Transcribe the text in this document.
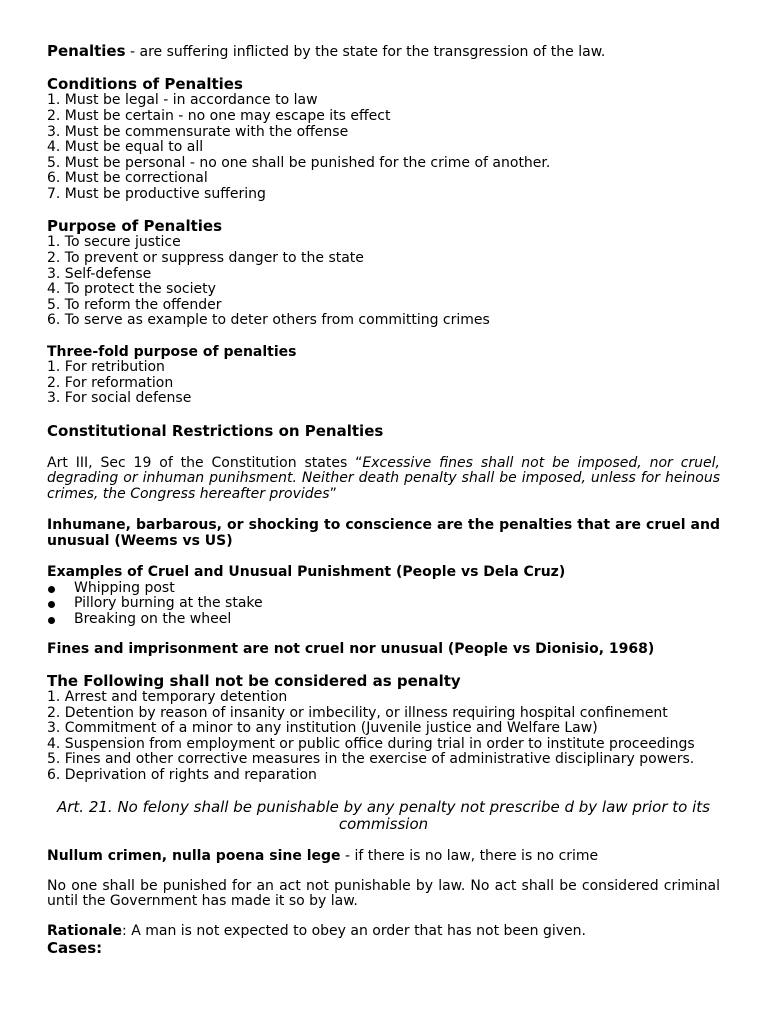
Penalties - are suffering inflicted by the state for the transgression of the law.
Conditions of Penalties
1. Must be legal - in accordance to law
2. Must be certain - no one may escape its effect
3. Must be commensurate with the offense
4. Must be equal to all
5. Must be personal - no one shall be punished for the crime of another.
6. Must be correctional
7. Must be productive suffering
Purpose of Penalties
1. To secure justice
2. To prevent or suppress danger to the state
3. Self-defense
4. To protect the society
5. To reform the offender
6. To serve as example to deter others from committing crimes
Three-fold purpose of penalties
1. For retribution
2. For reformation
3. For social defense
Constitutional Restrictions on Penalties
Art III, Sec 19 of the Constitution states “Excessive fines shall not be imposed, nor cruel, degrading or inhuman punihsment. Neither death penalty shall be imposed, unless for heinous crimes, the Congress hereafter provides”
Inhumane, barbarous, or shocking to conscience are the penalties that are cruel and unusual (Weems vs US)
Examples of Cruel and Unusual Punishment (People vs Dela Cruz)
Whipping post
Pillory burning at the stake
Breaking on the wheel
Fines and imprisonment are not cruel nor unusual (People vs Dionisio, 1968)
The Following shall not be considered as penalty
1. Arrest and temporary detention
2. Detention by reason of insanity or imbecility, or illness requiring hospital confinement
3. Commitment of a minor to any institution (Juvenile justice and Welfare Law)
4. Suspension from employment or public office during trial in order to institute proceedings
5. Fines and other corrective measures in the exercise of administrative disciplinary powers.
6. Deprivation of rights and reparation
Art. 21. No felony shall be punishable by any penalty not prescribe d by law prior to its commission
Nullum crimen, nulla poena sine lege - if there is no law, there is no crime
No one shall be punished for an act not punishable by law. No act shall be considered criminal until the Government has made it so by law.
Rationale: A man is not expected to obey an order that has not been given.
Cases:
